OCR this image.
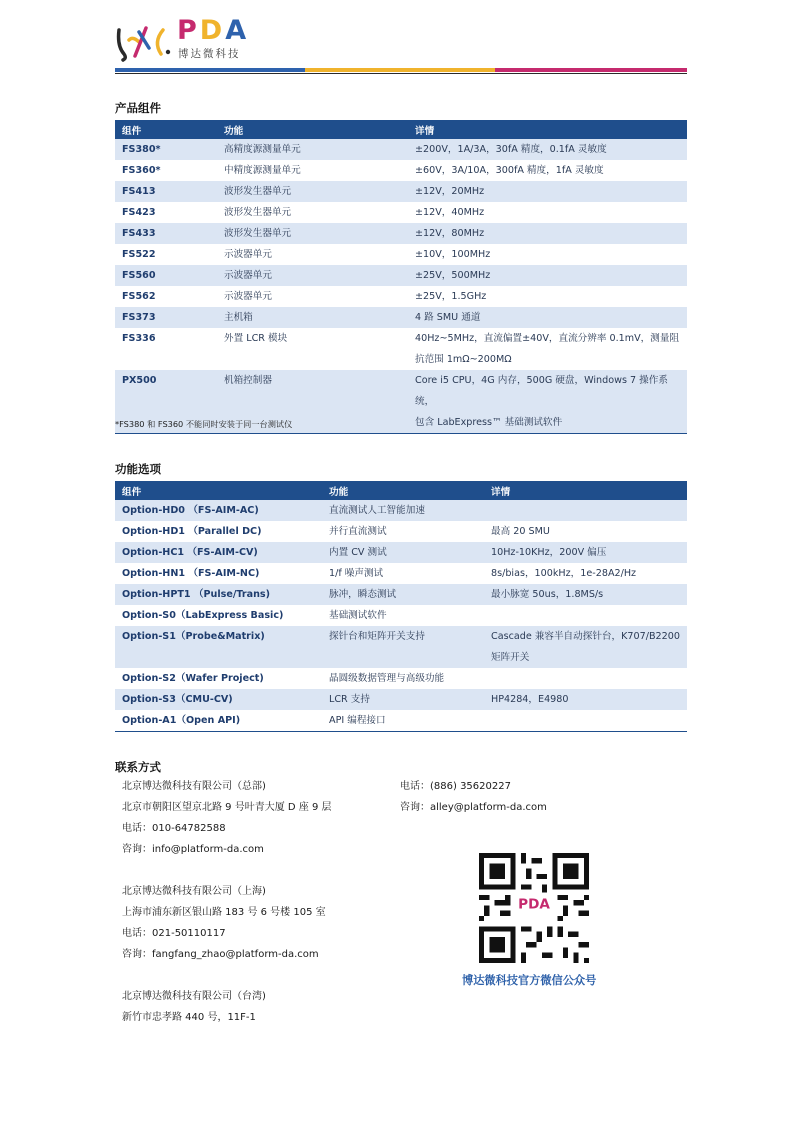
PDA
博达微科技
产品组件
组件	功能	详情
FS380*	高精度源测量单元	±200V，1A/3A，30fA 精度，0.1fA 灵敏度
FS360*	中精度源测量单元	±60V，3A/10A，300fA 精度，1fA 灵敏度
FS413	波形发生器单元	±12V，20MHz
FS423	波形发生器单元	±12V，40MHz
FS433	波形发生器单元	±12V，80MHz
FS522	示波器单元	±10V，100MHz
FS560	示波器单元	±25V，500MHz
FS562	示波器单元	±25V，1.5GHz
FS373	主机箱	4 路 SMU 通道
FS336	外置 LCR 模块	40Hz~5MHz，直流偏置±40V，直流分辨率 0.1mV，测量阻
抗范围 1mΩ~200MΩ

PX500	机箱控制器	Core i5 CPU，4G 内存，500G 硬盘，Windows 7 操作系统，
包含 LabExpress™ 基础测试软件
*FS380 和 FS360 不能同时安装于同一台测试仪
功能选项
组件	功能	详情
Option-HD0 （FS-AIM-AC)	直流测试人工智能加速	
Option-HD1 （Parallel DC)	并行直流测试	最高 20 SMU
Option-HC1 （FS-AIM-CV)	内置 CV 测试	10Hz-10KHz，200V 偏压
Option-HN1 （FS-AIM-NC)	1/f 噪声测试	8s/bias，100kHz，1e-28A2/Hz
Option-HPT1 （Pulse/Trans)	脉冲，瞬态测试	最小脉宽 50us，1.8MS/s
Option-S0（LabExpress Basic)	基础测试软件	
Option-S1（Probe&Matrix)	探针台和矩阵开关支持	Cascade 兼容半自动探针台，K707/B2200
矩阵开关

Option-S2（Wafer Project)	晶圆级数据管理与高级功能	
Option-S3（CMU-CV)	LCR 支持	HP4284，E4980
Option-A1（Open API)	API 编程接口	
联系方式
北京博达微科技有限公司（总部)
北京市朝阳区望京北路 9 号叶青大厦 D 座 9 层
电话：010-64782588
咨询：info@platform-da.com
北京博达微科技有限公司（上海)
上海市浦东新区银山路 183 号 6 号楼 105 室
电话：021-50110117
咨询：fangfang_zhao@platform-da.com
北京博达微科技有限公司（台湾)
新竹市忠孝路 440 号，11F-1
电话：(886) 35620227
咨询：alley@platform-da.com
PDA
博达微科技官方微信公众号
